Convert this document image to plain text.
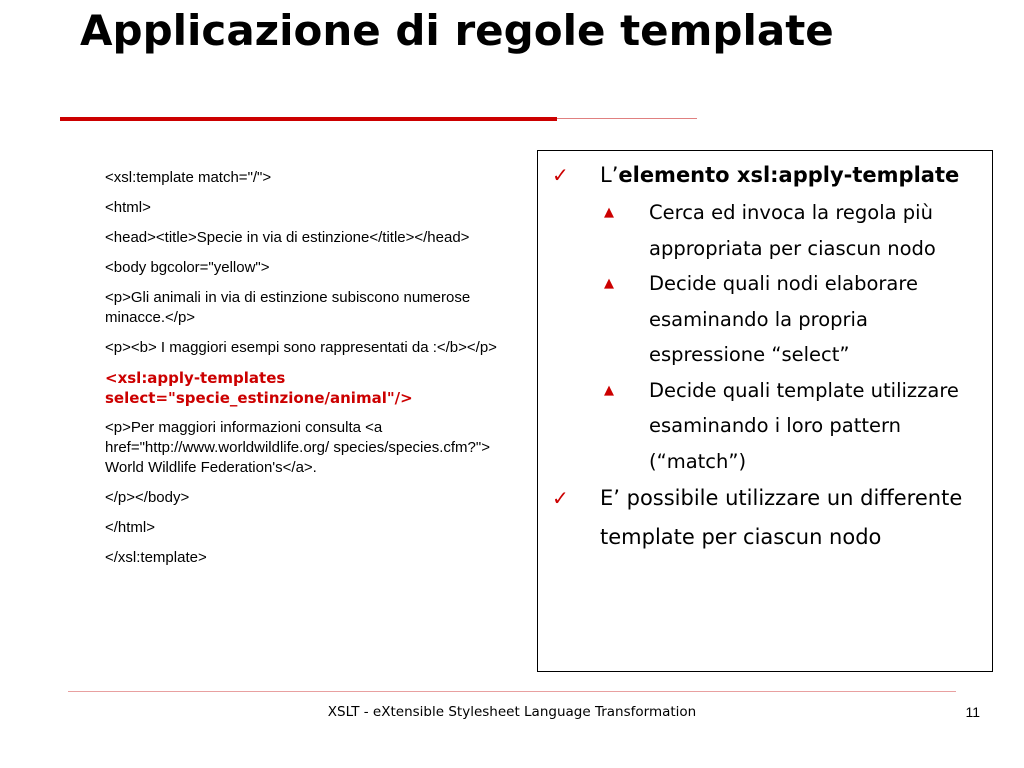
Applicazione di regole template

<xsl:template match="/">

<html>

<head><title>Specie in via di estinzione</title></head>

<body bgcolor="yellow">

<p>Gli animali in via di estinzione subiscono numerose minacce.</p>

<p><b> I maggiori esempi sono rappresentati da :</b></p>

<xsl:apply-templates select="specie_estinzione/animal"/>

<p>Per maggiori informazioni consulta <a href="http://www.worldwildlife.org/ species/species.cfm?"> World Wildlife Federation's</a>.

</p></body>

</html>

</xsl:template>

✓ L’elemento xsl:apply-template
▲ Cerca ed invoca la regola più appropriata per ciascun nodo
▲ Decide quali nodi elaborare esaminando la propria espressione “select”
▲ Decide quali template utilizzare esaminando i loro pattern (“match”)
✓ E’ possibile utilizzare un differente template per ciascun nodo
XSLT - eXtensible Stylesheet Language Transformation	11
